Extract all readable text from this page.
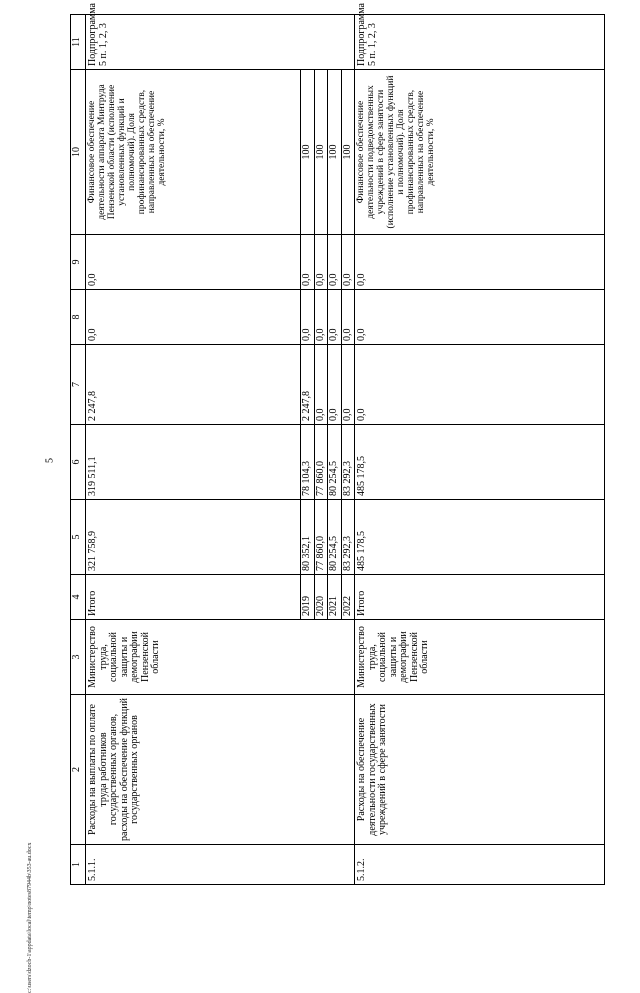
5
c:\users\dzocb-1\appdata\local\temp\notes87944b\353-au.docx	1	2	3	4	5	6	7	8	9	10	11
5.1.1.	Расходы на выплаты по оплате труда работников государственных органов, расходы на обеспечение функций государственных органов	Министерство труда, социальной защиты и демографии Пензенской области	Итого	321 758,9	319 511,1	2 247,8	0,0	0,0	Финансовое обеспечение деятельности аппарата Минтруда Пензенской области (исполнение установленных функций и полномочий). Доля профинансированных средств, направленных на обеспечение деятельности, %	Подпрограмма 5 п. 1, 2, 3
			2019	80 352,1	78 104,3	2 247,8	0,0	0,0	100	
			2020	77 860,0	77 860,0	0,0	0,0	0,0	100	
			2021	80 254,5	80 254,5	0,0	0,0	0,0	100	
			2022	83 292,3	83 292,3	0,0	0,0	0,0	100	
5.1.2.	Расходы на обеспечение деятельности государственных учреждений в сфере занятости	Министерство труда, социальной защиты и демографии Пензенской области	Итого	485 178,5	485 178,5	0,0	0,0	0,0	Финансовое обеспечение деятельности подведомственных учреждений в сфере занятости (исполнение установленных функций и полномочий). Доля профинансированных средств, направленных на обеспечение деятельности, %	Подпрограмма 5 п. 1, 2, 3
